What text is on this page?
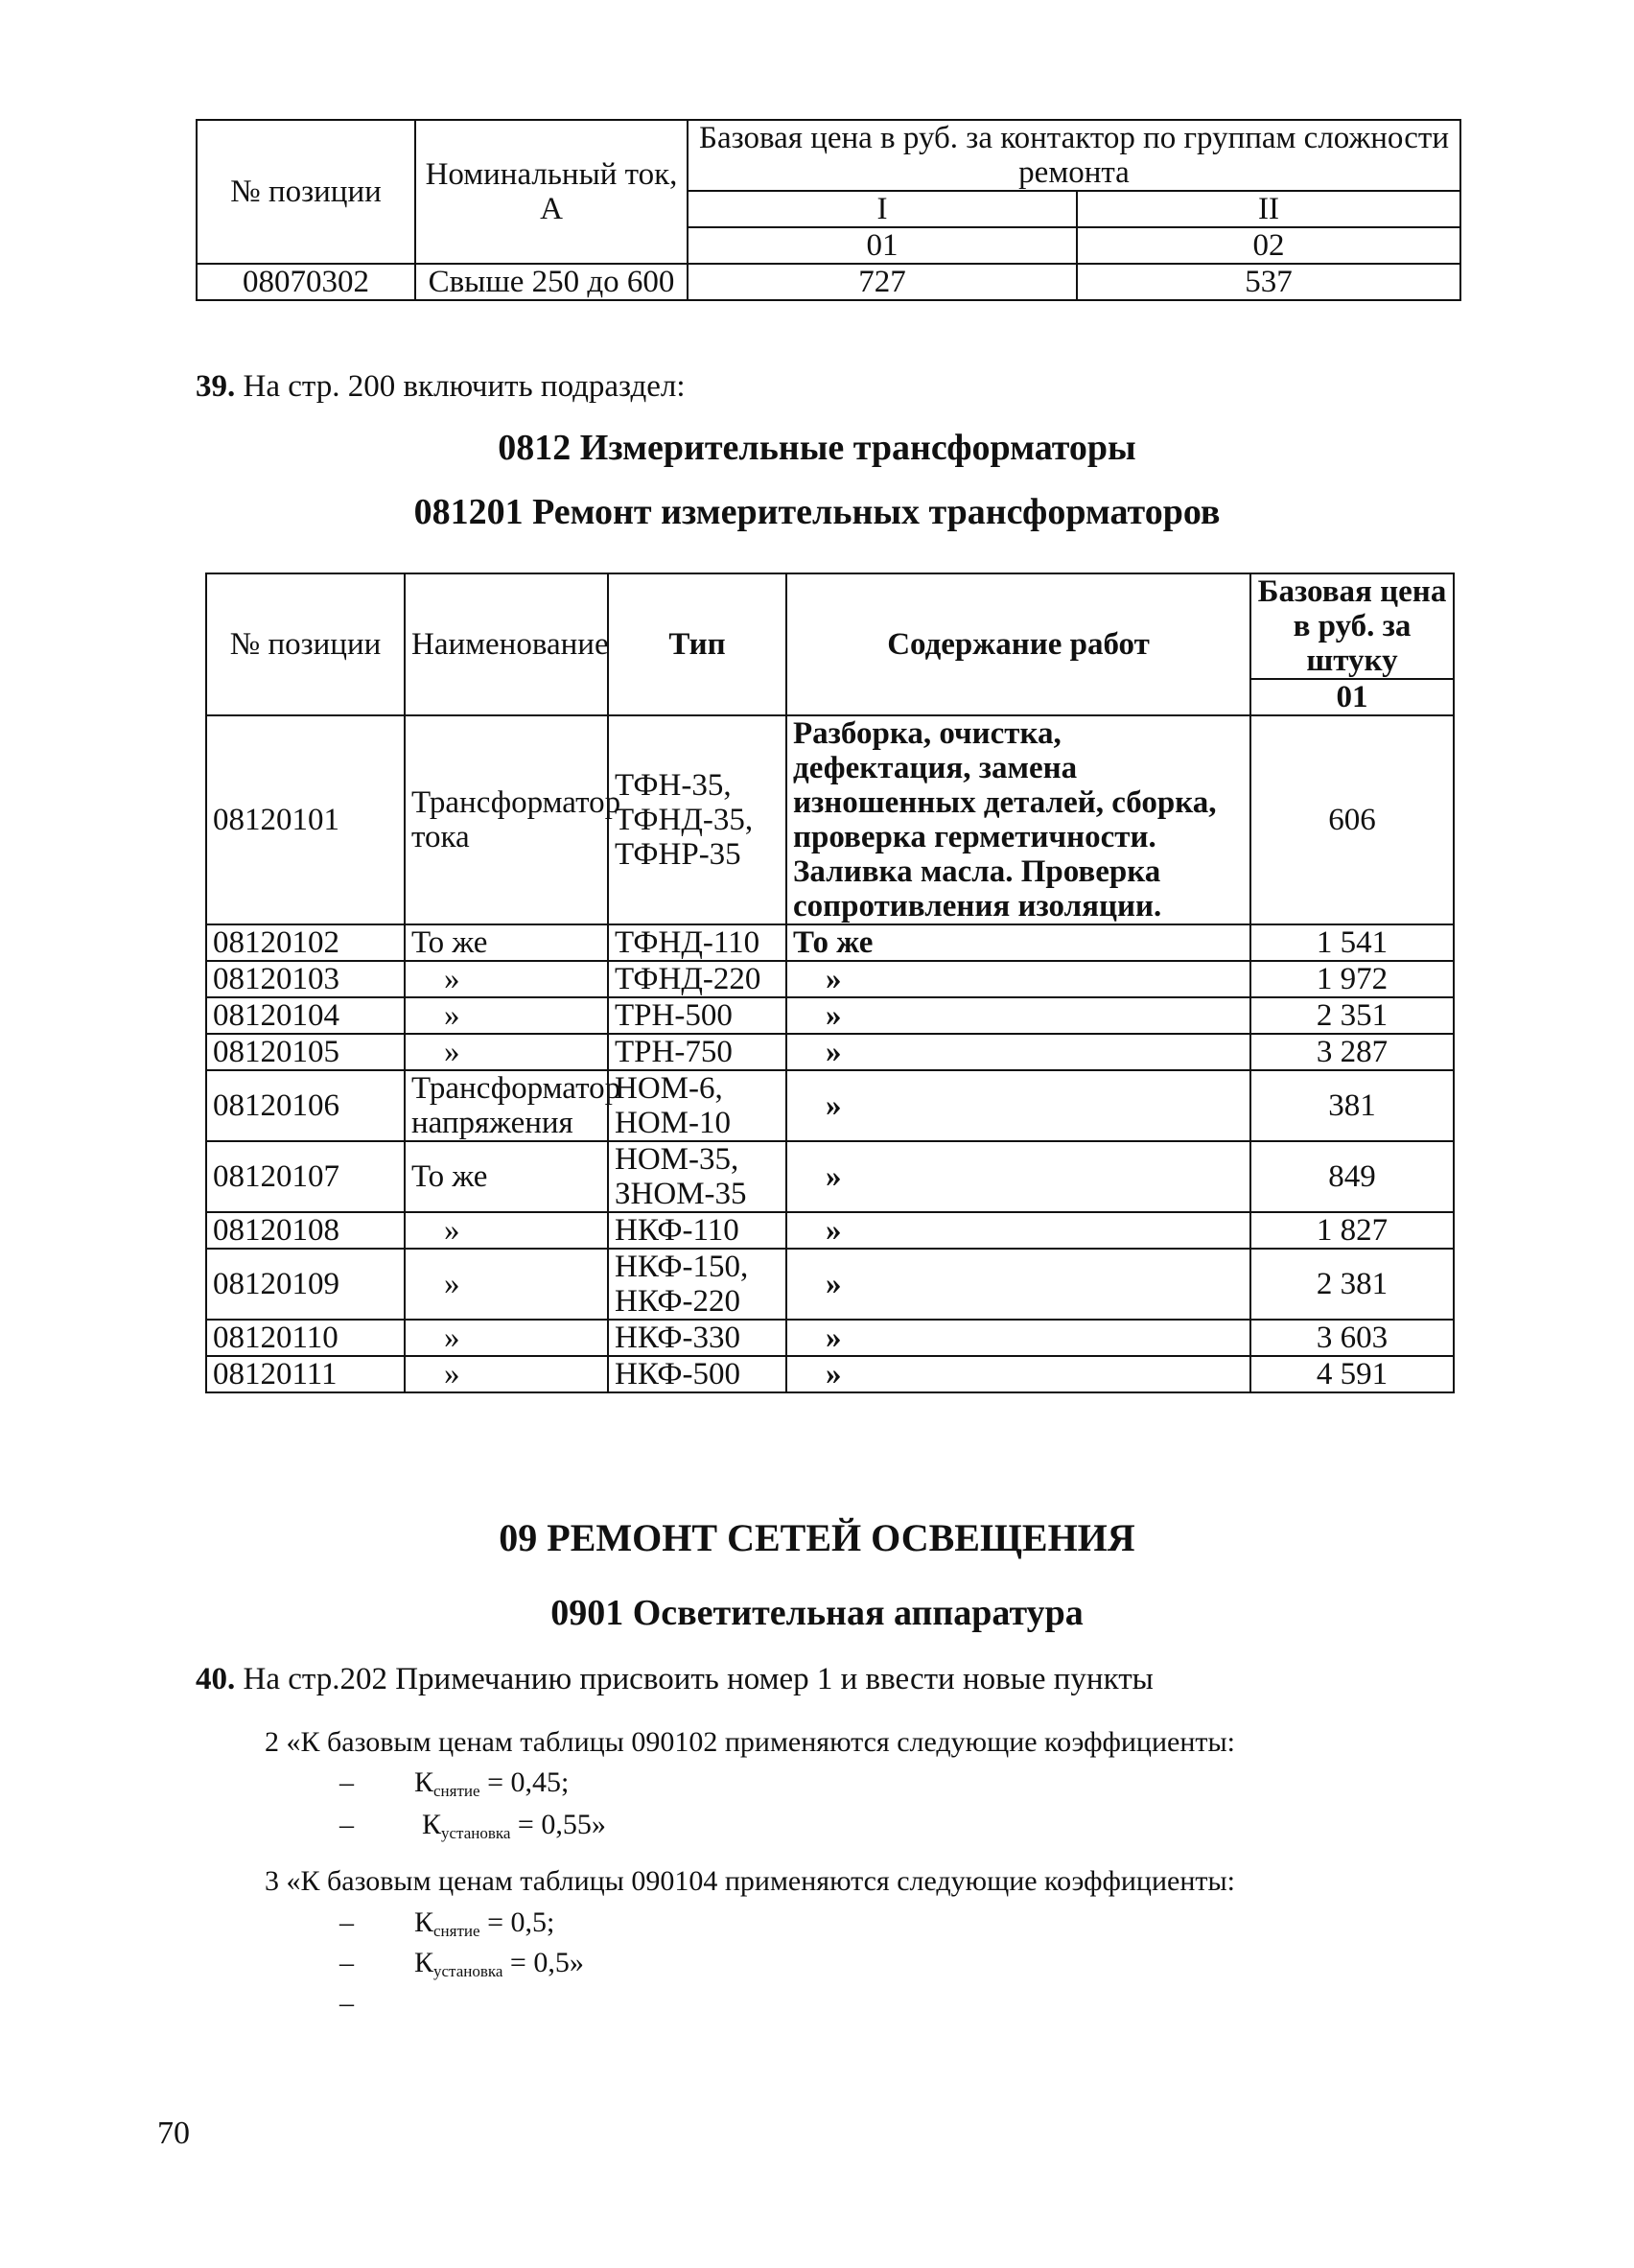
№ позиции	Номинальный ток, А	Базовая цена в руб. за контактор по группам сложности ремонта	
		I	II
		01	02
08070302	Свыше 250 до 600	727	537
39. На стр. 200 включить подраздел:
0812 Измерительные трансформаторы
081201 Ремонт измерительных трансформаторов
№ позиции	Наименование	Тип	Содержание работ	Базовая цена в руб. за штуку
				01
08120101	Трансформатор тока	ТФН-35, ТФНД-35, ТФНР-35	Разборка, очистка, дефектация, замена изношенных деталей, сборка, проверка герметичности. Заливка масла. Проверка сопротивления изоляции.	606
08120102	То же	ТФНД-110	То же	1 541
08120103	»	ТФНД-220	»	1 972
08120104	»	ТРН-500	»	2 351
08120105	»	ТРН-750	»	3 287
08120106	Трансформатор напряжения	НОМ-6, НОМ-10	»	381
08120107	То же	НОМ-35, ЗНОМ-35	»	849
08120108	»	НКФ-110	»	1 827
08120109	»	НКФ-150, НКФ-220	»	2 381
08120110	»	НКФ-330	»	3 603
08120111	»	НКФ-500	»	4 591
09 РЕМОНТ СЕТЕЙ ОСВЕЩЕНИЯ
0901 Осветительная аппаратура
40. На стр.202 Примечанию присвоить номер 1 и ввести новые пункты
2 «К базовым ценам таблицы 090102 применяются следующие коэффициенты:
– $К_{снятие} = 0,45$;
– $К_{установка} = 0,55$»
3 «К базовым ценам таблицы 090104 применяются следующие коэффициенты:
– $К_{снятие} = 0,5$;
– $К_{установка} = 0,5$»
–
70
